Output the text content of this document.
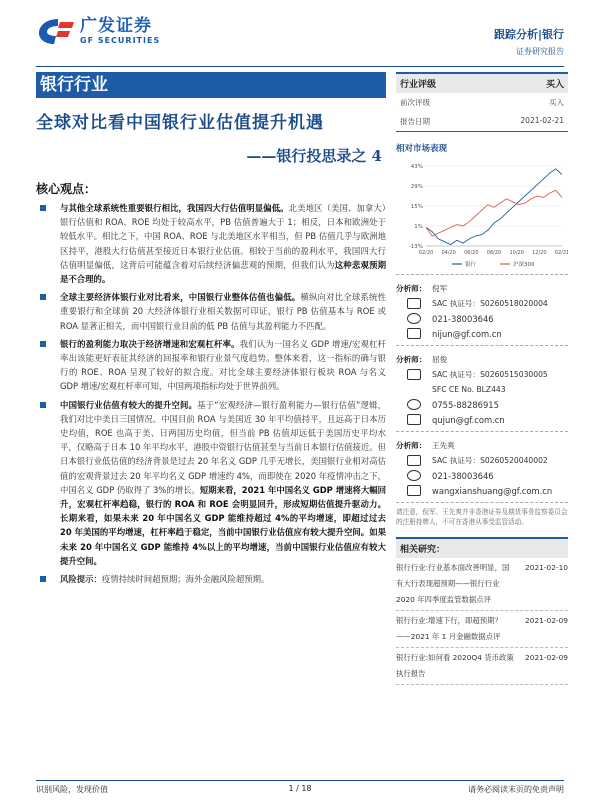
广发证券
GF SECURITIES	跟踪分析|银行
证券研究报告
银行行业
全球对比看中国银行业估值提升机遇
——银行投思录之 4
核心观点：
与其他全球系统性重要银行相比，我国四大行估值明显偏低。北美地区（美国、加拿大）银行估值和 ROA、ROE 均处于较高水平，PB 估值普遍大于 1；相反，日本和欧洲处于较低水平。相比之下，中国 ROA、ROE 与北美地区水平相当，但 PB 估值几乎与欧洲地区持平，港股大行估值甚至接近日本银行业估值。相较于当前的盈利水平，我国四大行估值明显偏低，这背后可能蕴含着对后续经济偏悲观的预期，但我们认为这种悲观预期是不合理的。
全球主要经济体银行业对比看来，中国银行业整体估值也偏低。横纵向对比全球系统性重要银行和全球前 20 大经济体银行业相关数据可印证，银行 PB 估值基本与 ROE 或 ROA 显著正相关，而中国银行业目前的低 PB 估值与其盈利能力不匹配。
银行的盈利能力取决于经济增速和宏观杠杆率。我们认为一国名义 GDP 增速/宏观杠杆率出该能更好表征其经济的回报率和银行业景气度趋势。整体来看，这一指标的确与银行的 ROE、ROA 呈现了较好的拟合度。对比全球主要经济体银行板块 ROA 与名义 GDP 增速/宏观杠杆率可知，中国两项指标均处于世界前列。
中国银行业估值有较大的提升空间。基于“宏观经济—银行盈利能力—银行估值”逻辑，我们对比中美日三国情况。中国目前 ROA 与美国近 30 年平均值持平，且远高于日本历史均值，ROE 也高于美、日两国历史均值，但当前 PB 估值却远低于美国历史平均水平，仅略高于日本 10 年平均水平，港股中资银行估值甚至与当前日本银行估值接近。但日本银行业低估值的经济背景是过去 20 年名义 GDP 几乎无增长，美国银行业相对高估值的宏观背景过去 20 年平均名义 GDP 增速约 4%，而即使在 2020 年疫情冲击之下，中国名义 GDP 仍取得了 3%的增长。短期来看，2021 年中国名义 GDP 增速将大幅回升，宏观杠杆率趋稳，银行的 ROA 和 ROE 会明显回升，形成短期估值提升驱动力。长期来看，如果未来 20 年中国名义 GDP 能维持超过 4%的平均增速，即超过过去 20 年美国的平均增速，杠杆率趋于稳定，当前中国银行业估值应有较大提升空间。如果未来 20 年中国名义 GDP 能维持 4%以上的平均增速，当前中国银行业估值应有较大提升空间。
风险提示：疫情持续时间超预期；海外金融风险超预期。
行业评级	买入
前次评级	买入
报告日期	2021-02-21
相对市场表现
43%
29%
15%
1%
-13%
02/20 04/20 06/20 08/20 10/20 12/20 02/21
银行	沪深300
分析师： 倪军
SAC 执证号：S0260518020004
021-38003646
nijun@gf.com.cn
分析师： 屈俊
SAC 执证号：S0260515030005
SFC CE No. BLZ443
0755-88286915
qujun@gf.com.cn
分析师： 王先爽
SAC 执证号：S0260520040002
021-38003646
wangxianshuang@gf.com.cn
请注意，倪军、王先爽并非香港证券及期货事务监察委员会的注册持牌人，不可在香港从事受监管活动。
相关研究：
银行行业:行业基本面改善明显，国有大行表现超预期——银行行业 2020 年四季度监管数据点评
2021-02-10
银行行业:增速下行，即超预期？——2021 年 1 月金融数据点评
2021-02-09
银行行业:如何看 2020Q4 货币政策执行报告
2021-02-09
识别风险，发现价值	1 / 18	请务必阅读末页的免责声明
